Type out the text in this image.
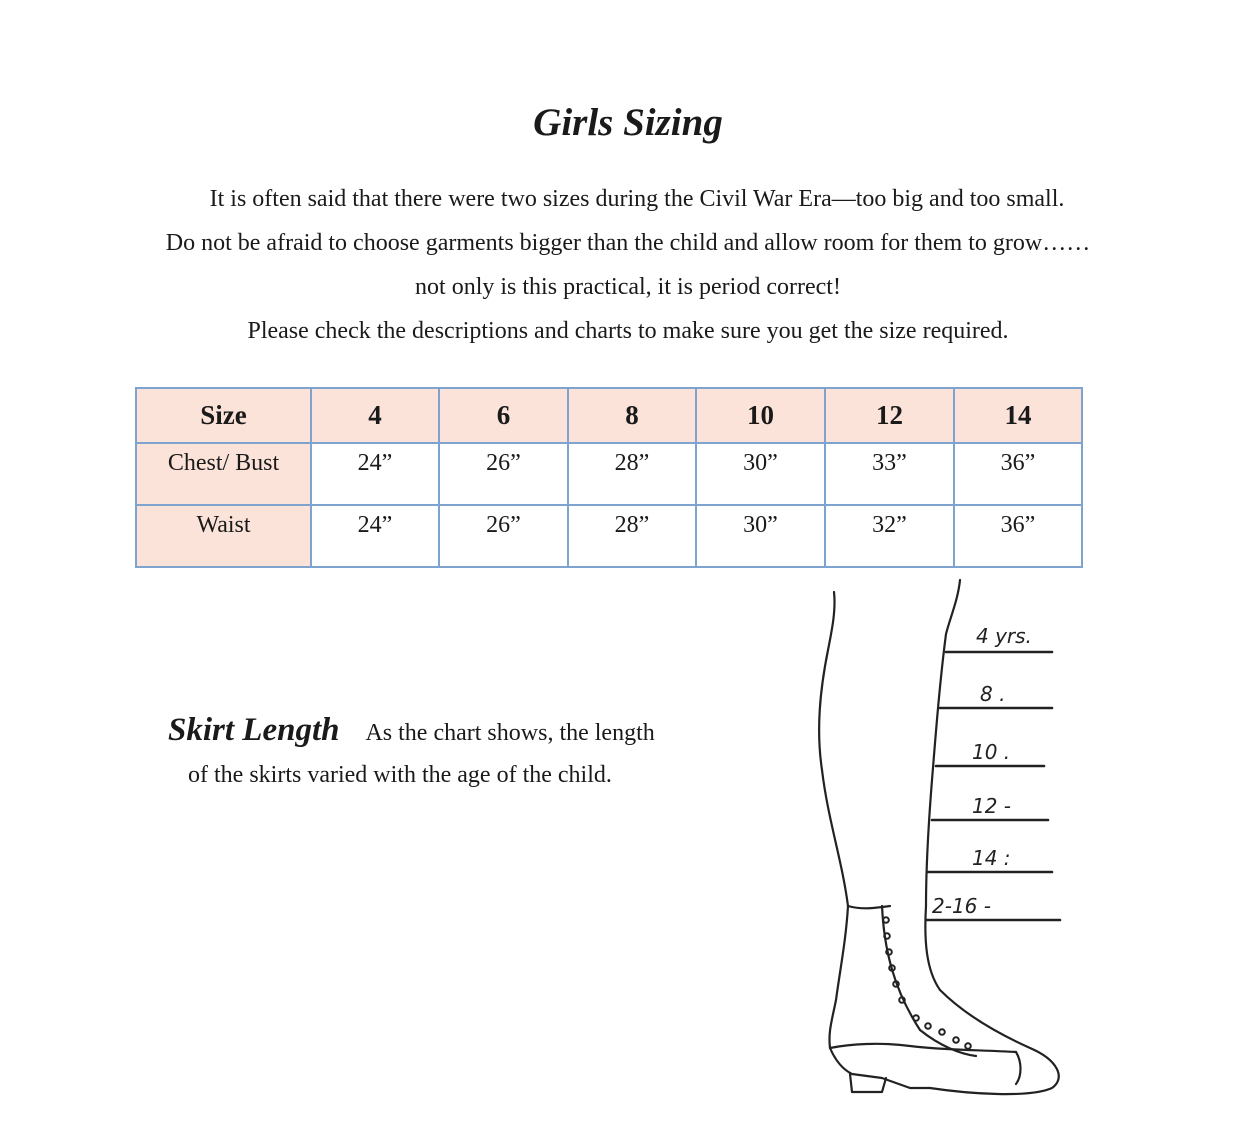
Girls Sizing
It is often said that there were two sizes during the Civil War Era—too big and too small.
Do not be afraid to choose garments bigger than the child and allow room for them to grow……
not only is this practical, it is period correct!
Please check the descriptions and charts to make sure you get the size required.
Size	4	6	8	10	12	14
Chest/ Bust	24”	26”	28”	30”	33”	36”
Waist	24”	26”	28”	30”	32”	36”
Skirt Length As the chart shows, the length
of the skirts varied with the age of the child.
4 yrs.
8 .
10 .
12 -
14 :
2-16 -
